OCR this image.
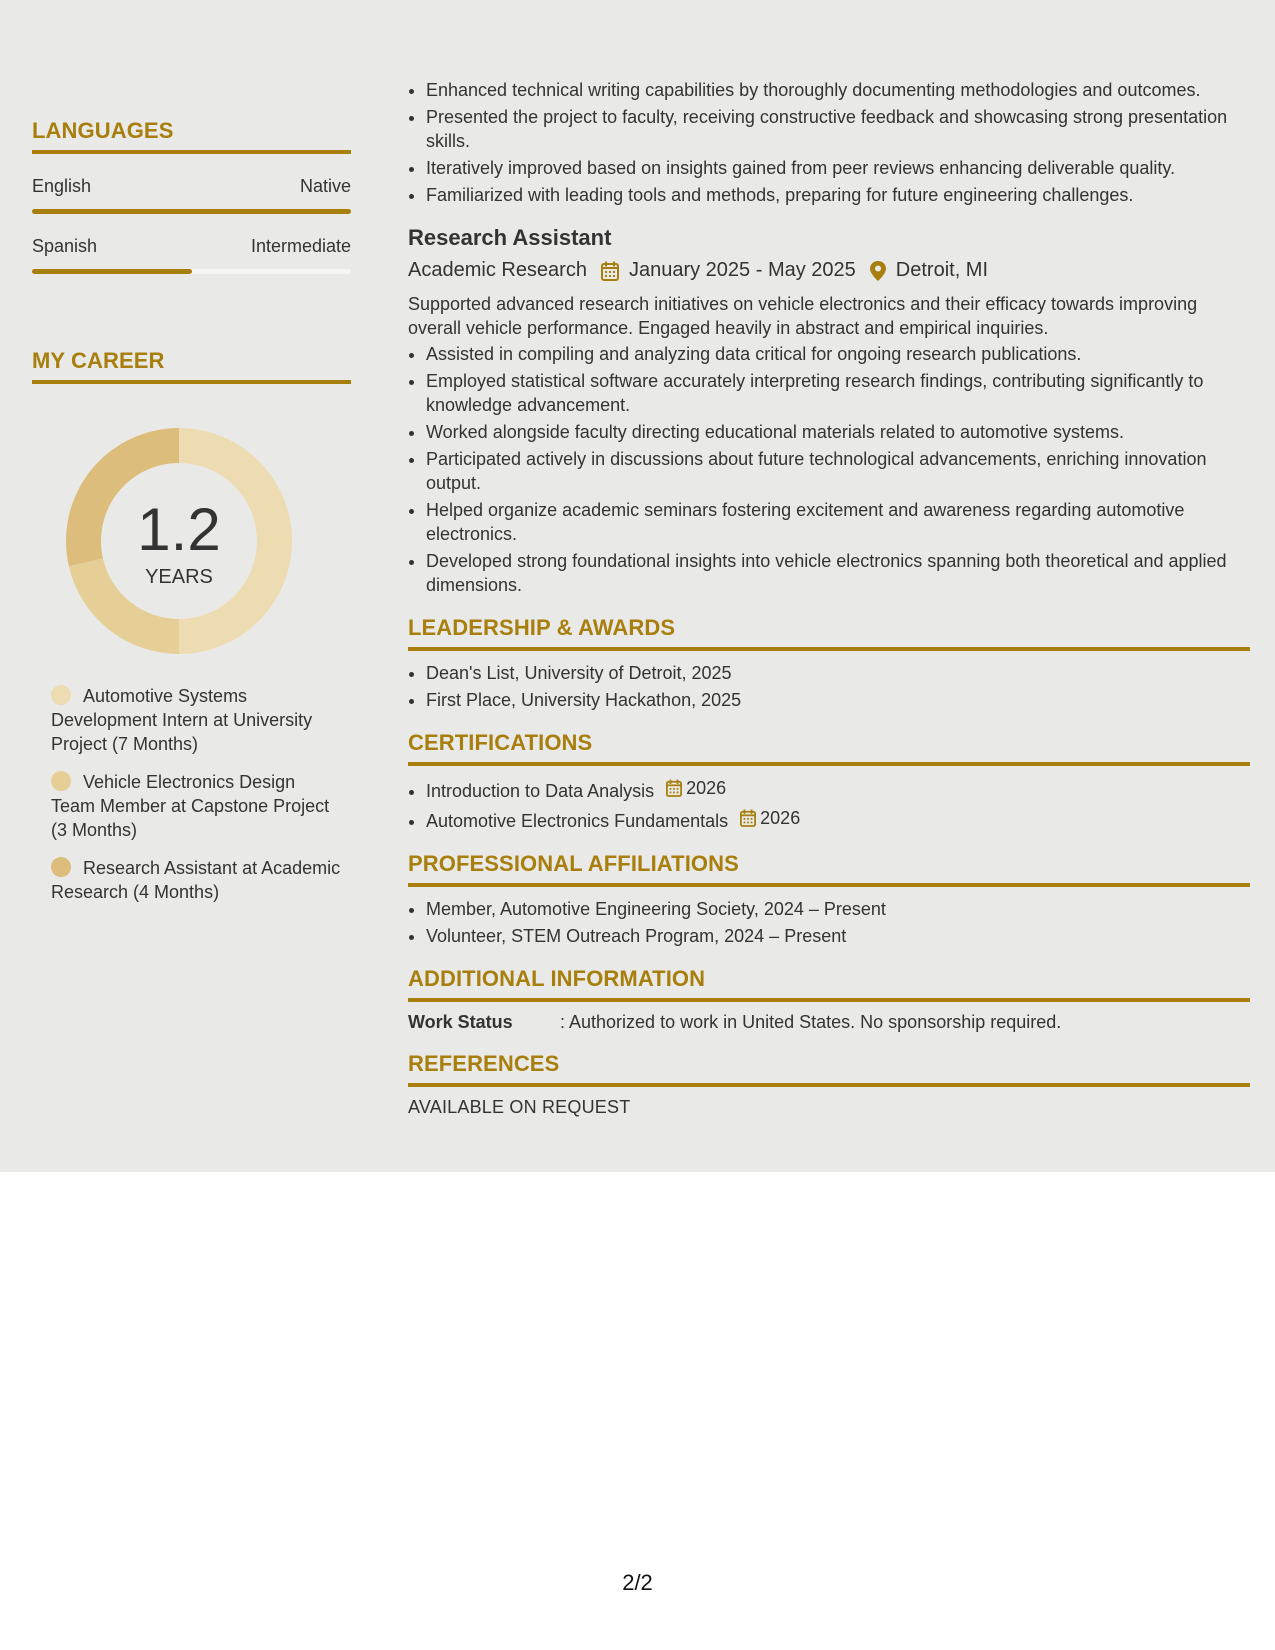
LANGUAGES
English	Native
Spanish	Intermediate
MY CAREER
1.2
YEARS
Automotive Systems Development Intern at University Project (7 Months)
Vehicle Electronics Design Team Member at Capstone Project (3 Months)
Research Assistant at Academic Research (4 Months)
• Enhanced technical writing capabilities by thoroughly documenting methodologies and outcomes.
• Presented the project to faculty, receiving constructive feedback and showcasing strong presentation skills.
• Iteratively improved based on insights gained from peer reviews enhancing deliverable quality.
• Familiarized with leading tools and methods, preparing for future engineering challenges.
Research Assistant
Academic Research January 2025 - May 2025 Detroit, MI

Supported advanced research initiatives on vehicle electronics and their efficacy towards improving overall vehicle performance. Engaged heavily in abstract and empirical inquiries.

• Assisted in compiling and analyzing data critical for ongoing research publications.
• Employed statistical software accurately interpreting research findings, contributing significantly to knowledge advancement.
• Worked alongside faculty directing educational materials related to automotive systems.
• Participated actively in discussions about future technological advancements, enriching innovation output.
• Helped organize academic seminars fostering excitement and awareness regarding automotive electronics.
• Developed strong foundational insights into vehicle electronics spanning both theoretical and applied dimensions.
LEADERSHIP & AWARDS
• Dean's List, University of Detroit, 2025
• First Place, University Hackathon, 2025
CERTIFICATIONS
• Introduction to Data Analysis 2026
• Automotive Electronics Fundamentals 2026
PROFESSIONAL AFFILIATIONS
• Member, Automotive Engineering Society, 2024 – Present
• Volunteer, STEM Outreach Program, 2024 – Present
ADDITIONAL INFORMATION
Work Status	: Authorized to work in United States. No sponsorship required.
REFERENCES
AVAILABLE ON REQUEST
2/2
